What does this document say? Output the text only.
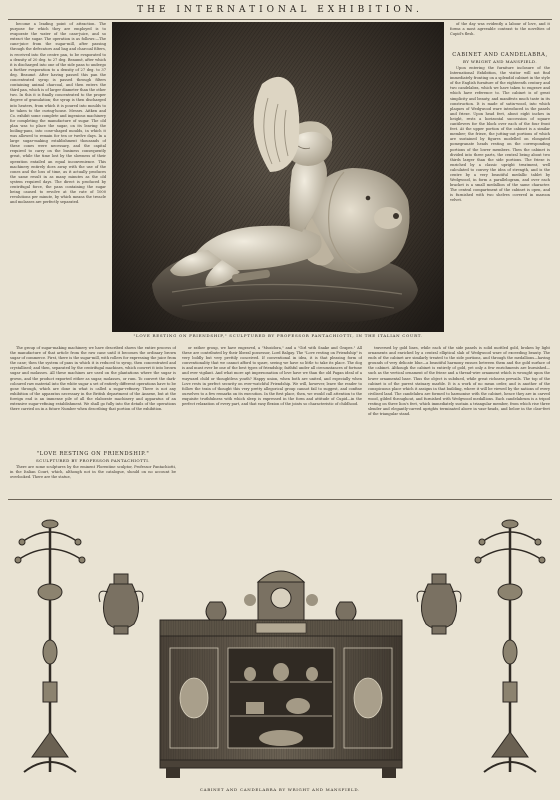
THE INTERNATIONAL EXHIBITION.

become a leading point of attraction. The purpose for which they are employed is to evaporate the water of the cane-juice, and so extract the sugar. The operation is as follows:—The cane-juice from the sugar-mill, after passing through the defecators and bag and charcoal filters, is received into the centre pan, to be evaporated to a density of 20 deg. to 27 deg. Beaumé, after which it is discharged into one of the side pans to undergo a further evaporation to a density of 27 deg. to 37 deg. Beaumé. After having passed this pan the concentrated syrup is passed through filters containing animal charcoal, and then enters the third pan, which is of larger diameter than the other two. In this it is finally concentrated to the proper degree of granulation; the syrup is then discharged into heaters, from which it is poured into moulds to be taken to the curing-house. Messrs. Aitken and Co. exhibit some complete and ingenious machinery for completing the manufacture of sugar. The old plan was to place the sugar, on its leaving the boiling-pans, into cone-shaped moulds, in which it was allowed to remain for ten or twelve days. In a large sugar-making establishment thousands of these cones were necessary, and the capital required to carry on the business consequently great, while the time lost by the slowness of their operation entailed an equal inconvenience. This machinery entirely does away with the use of the cones and the loss of time, as it actually produces the same result in as many minutes as the old system required days. The direct is produced by centrifugal force, the pans containing the sugar being caused to revolve at the rate of 1000 revolutions per minute, by which means the treacle and molasses are perfectly separated.

"LOVE RESTING ON FRIENDSHIP," SCULPTURED BY PROFESSOR PANTACHIOTTI, IN THE ITALIAN COURT.

of the day was evidently a labour of love, and it forms a most agreeable contrast to the novelties of Cupid's flesh.

CABINET AND CANDELABRA,
BY WRIGHT AND MANSFIELD.

Upon entering the furniture inclosure of the International Exhibition, the visitor will not find immediately fronting on a splendid cabinet in the style of the English furniture of the eighteenth century and two candelabra, which we have taken to engrave and which have reference to. The cabinet is of great simplicity and beauty, and manifests much taste in its construction. It is made of satin-wood, into which plaques of Wedgwood ware introduced in the panels and frieze. Upon head feet, about eight inches in height, rests a horizontal succession of square cantilevers for the block over each of the four front feet. At the upper portion of the cabinet is a similar member; the frieze, the jutting-out portions of which are sustained by figures modelled on elongated pomegranate heads resting on the corresponding portions of the lower members. Then the cabinet is divided into three parts, the central being about two thirds larger than the side portions. The frieze is enriched by a classic upright treatment, well calculated to convey the idea of strength, and is the centre by a very beautiful medallic tablet by Wedgwood, in form a parallelogram, and over each bracket is a small medallion of the same character. The central compartment of the cabinet is open, and is furnished with two shelves covered in maroon velvet.

The group of sugar-making machinery we have described shows the entire process of the manufacture of that article from the raw cane until it becomes the ordinary brown sugar of commerce. First, there is the sugar-mill, with rollers for expressing the juice from the cane; then the system of pans in which it is reduced to syrup, then concentrated and crystallised; and then, separated by the centrifugal machines, which convert it into brown sugar and molasses. All these machines are used on the plantations where the sugar is grown, and the product exported either as sugar, molasses, or rum. To convert the dark-coloured raw material into the white sugar a set of entirely different operations have to be gone through, which are done in what is called a sugar-refinery. There is not any exhibition of the apparatus necessary in the British department of the Annexe, but at the foreign end is an immense pile of all the elaborate machinery and apparatus of an extensive sugar-refining establishment. We shall go fully into the details of the operations there carried on in a future Number when describing that portion of the exhibition.

"LOVE RESTING ON FRIENDSHIP."
SCULPTURED BY PROFESSOR PANTACHIOTTI.

There are some sculptures by the eminent Florentine sculptor, Professor Pantachiotti, in the Italian Court, which, although not in the catalogue, should on no account be overlooked. There are the statue,

or rather group, we have engraved, a "Musidora," and a "Girl with Snake and Grapes." All these are contributed by their liberal possessor, Lord Balgay. The "Love resting on Friendship" is very boldly but very prettily conceived. If conventional in idea, it is that pleasing form of conventionality that we cannot afford to spare, seeing we have so little to take its place. The dog is and must ever be one of the best types of friendship; faithful under all circumstances of fortune and ever vigilant. And what more apt impersonation of love have we than the old Pagan ideal of a wayward child or thoughtless youth? Happy union, when both are united, and especially when Love rests in perfect security on ever-watchful Friendship. We will, however, leave the reader to follow the train of thought this very pretty allegorical group cannot fail to suggest, and confine ourselves to a few remarks on its execution. In the first place, then, we would call attention to the exquisite truthfulness with which sleep is expressed in the form and attitude of Cupid—in the perfect relaxation of every part, and that easy flexion of the joints so characteristic of childhood.

traversed by gold lines, while each of the side panels is solid mottled gold, broken by light ornaments and enriched by a central elliptical slab of Wedgwood ware of exceeding beauty. The ends of the cabinet are similarly treated to the side portions, and through the medallions—having grounds of very delicate blue—a beautiful harmony ensues between them and the gold surface of the cabinet. Although the cabinet is entirely of gold, yet only a few enrichments are burnished—such as the vertical ornament of the frieze and a thread-wire ornament which is wrought upon the lower ornamental base. Thus the object is subdued, while great richness prevails. The top of the cabinet is of the purest statuary marble. It is a work of no mean order, and is another of the conspicuous place which it assigns in that building, where it will be viewed by the nations of every civilised land. The candelabra are formed to harmonise with the cabinet, hence they are in carved wood, gilded throughout, and furnished with Wedgwood medallions. Each candelabrum is a tripod resting on three lion's feet, which immediately sustain a triangular member, from which rise three slender and elegantly-carved uprights terminated above in vase-heads, and below in the claw-feet of the triangular stand.

CABINET AND CANDELABRA BY WRIGHT AND MANSFIELD.
